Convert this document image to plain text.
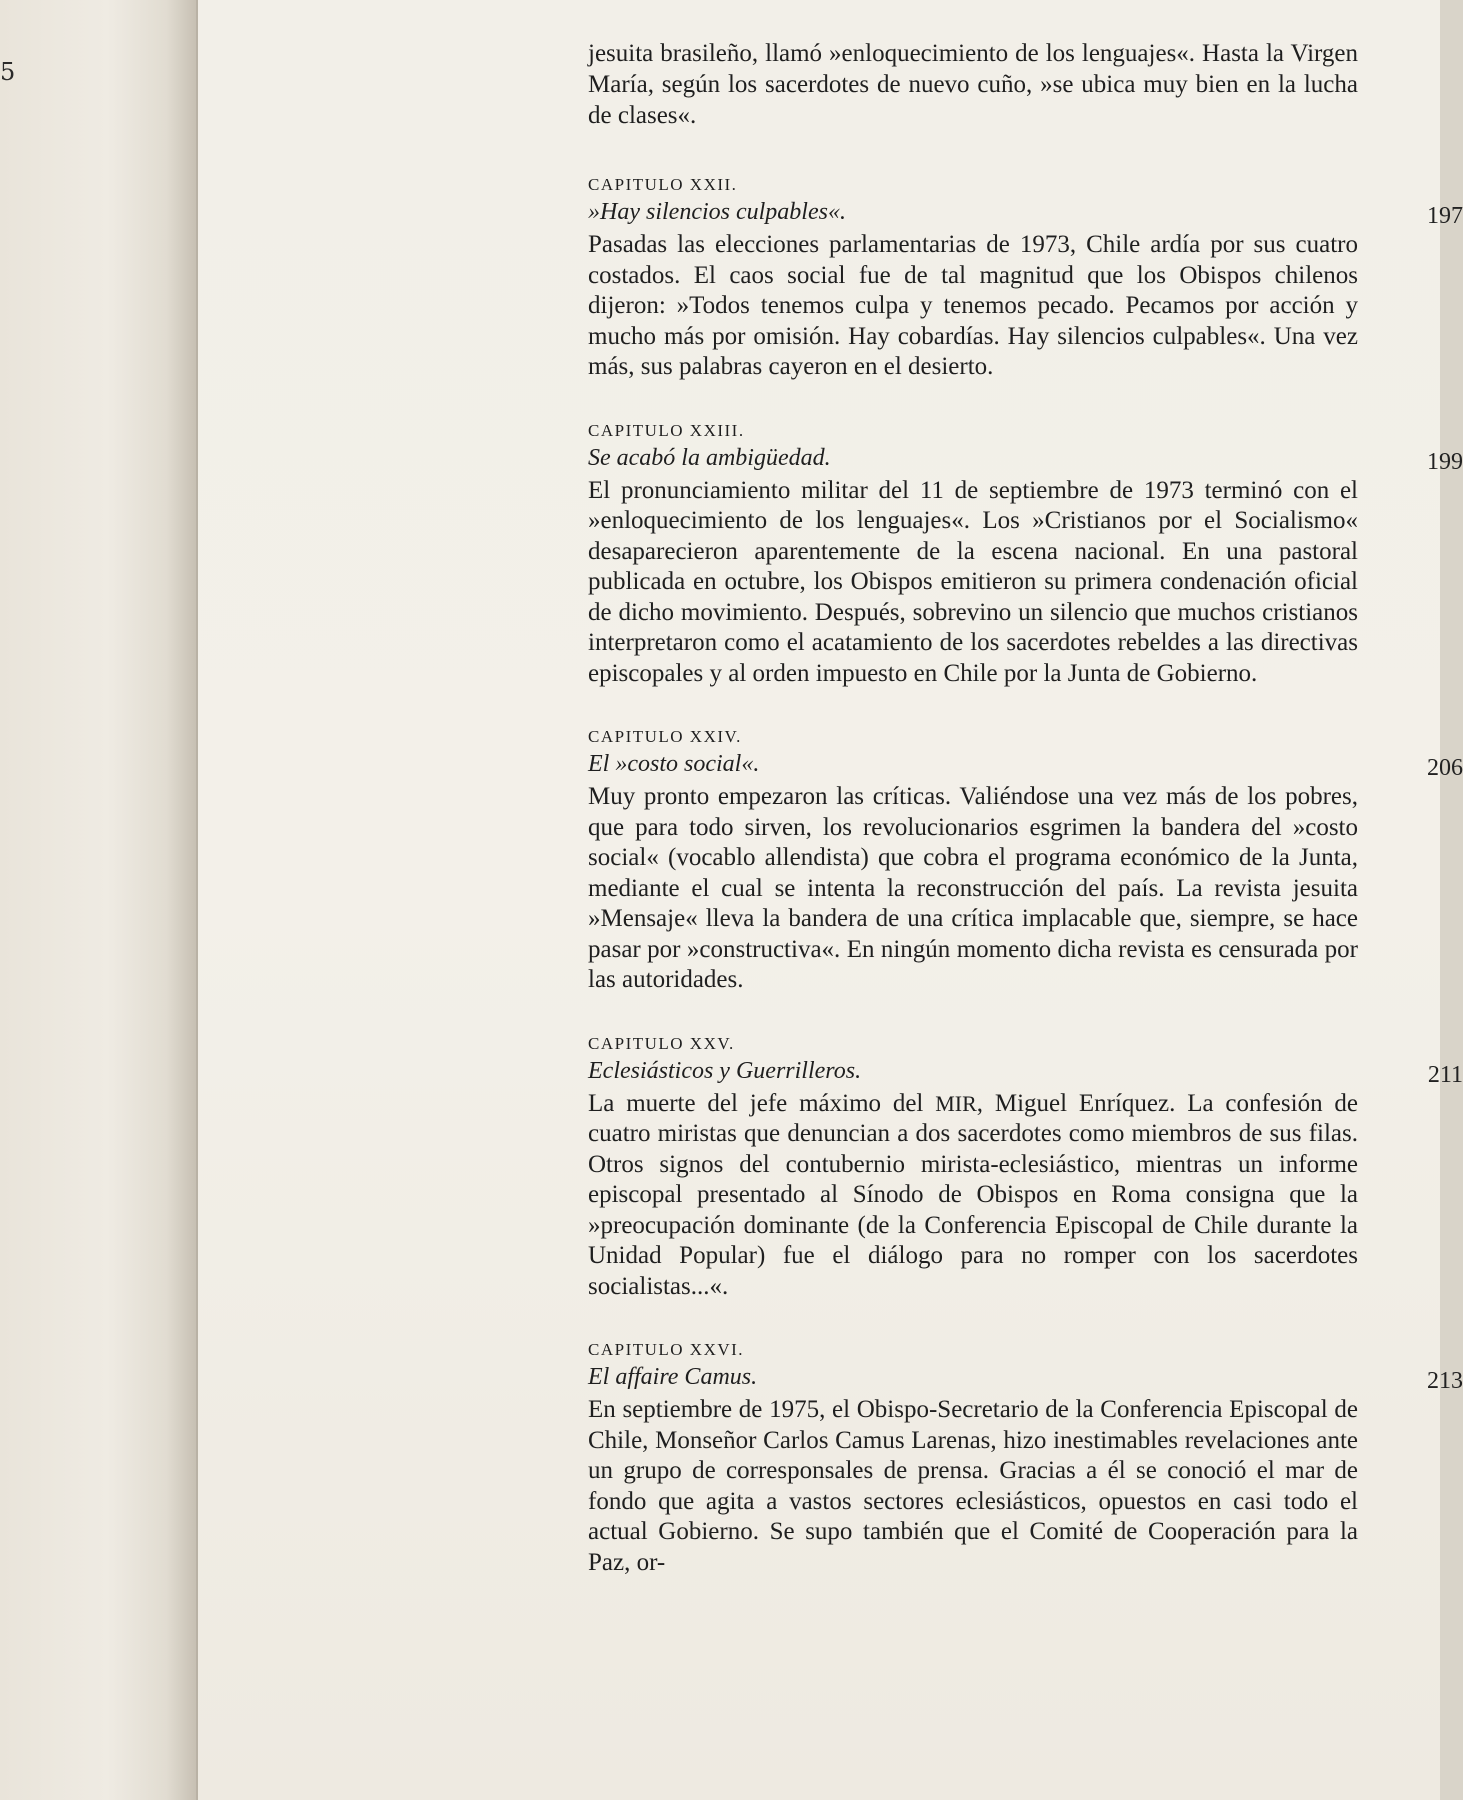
5

jesuita brasileño, llamó »enloquecimiento de los lenguajes«. Hasta la Virgen María, según los sacerdotes de nuevo cuño, »se ubica muy bien en la lucha de clases«.

CAPITULO XXII.
»Hay silencios culpables«.	197

Pasadas las elecciones parlamentarias de 1973, Chile ardía por sus cuatro costados. El caos social fue de tal magnitud que los Obispos chilenos dijeron: »Todos tenemos culpa y tenemos pecado. Pecamos por acción y mucho más por omisión. Hay cobardías. Hay silencios culpables«. Una vez más, sus palabras cayeron en el desierto.

CAPITULO XXIII.
Se acabó la ambigüedad.	199

El pronunciamiento militar del 11 de septiembre de 1973 terminó con el »enloquecimiento de los lenguajes«. Los »Cristianos por el Socialismo« desaparecieron aparentemente de la escena nacional. En una pastoral publicada en octubre, los Obispos emitieron su primera condenación oficial de dicho movimiento. Después, sobrevino un silencio que muchos cristianos interpretaron como el acatamiento de los sacerdotes rebeldes a las directivas episcopales y al orden impuesto en Chile por la Junta de Gobierno.

CAPITULO XXIV.
El »costo social«.	206

Muy pronto empezaron las críticas. Valiéndose una vez más de los pobres, que para todo sirven, los revolucionarios esgrimen la bandera del »costo social« (vocablo allendista) que cobra el programa económico de la Junta, mediante el cual se intenta la reconstrucción del país. La revista jesuita »Mensaje« lleva la bandera de una crítica implacable que, siempre, se hace pasar por »constructiva«. En ningún momento dicha revista es censurada por las autoridades.

CAPITULO XXV.
Eclesiásticos y Guerrilleros.	211

La muerte del jefe máximo del MIR, Miguel Enríquez. La confesión de cuatro miristas que denuncian a dos sacerdotes como miembros de sus filas. Otros signos del contubernio mirista-eclesiástico, mientras un informe episcopal presentado al Sínodo de Obispos en Roma consigna que la »preocupación dominante (de la Conferencia Episcopal de Chile durante la Unidad Popular) fue el diálogo para no romper con los sacerdotes socialistas...«.

CAPITULO XXVI.
El affaire Camus.	213

En septiembre de 1975, el Obispo-Secretario de la Conferencia Episcopal de Chile, Monseñor Carlos Camus Larenas, hizo inestimables revelaciones ante un grupo de corresponsales de prensa. Gracias a él se conoció el mar de fondo que agita a vastos sectores eclesiásticos, opuestos en casi todo el actual Gobierno. Se supo también que el Comité de Cooperación para la Paz, or-
